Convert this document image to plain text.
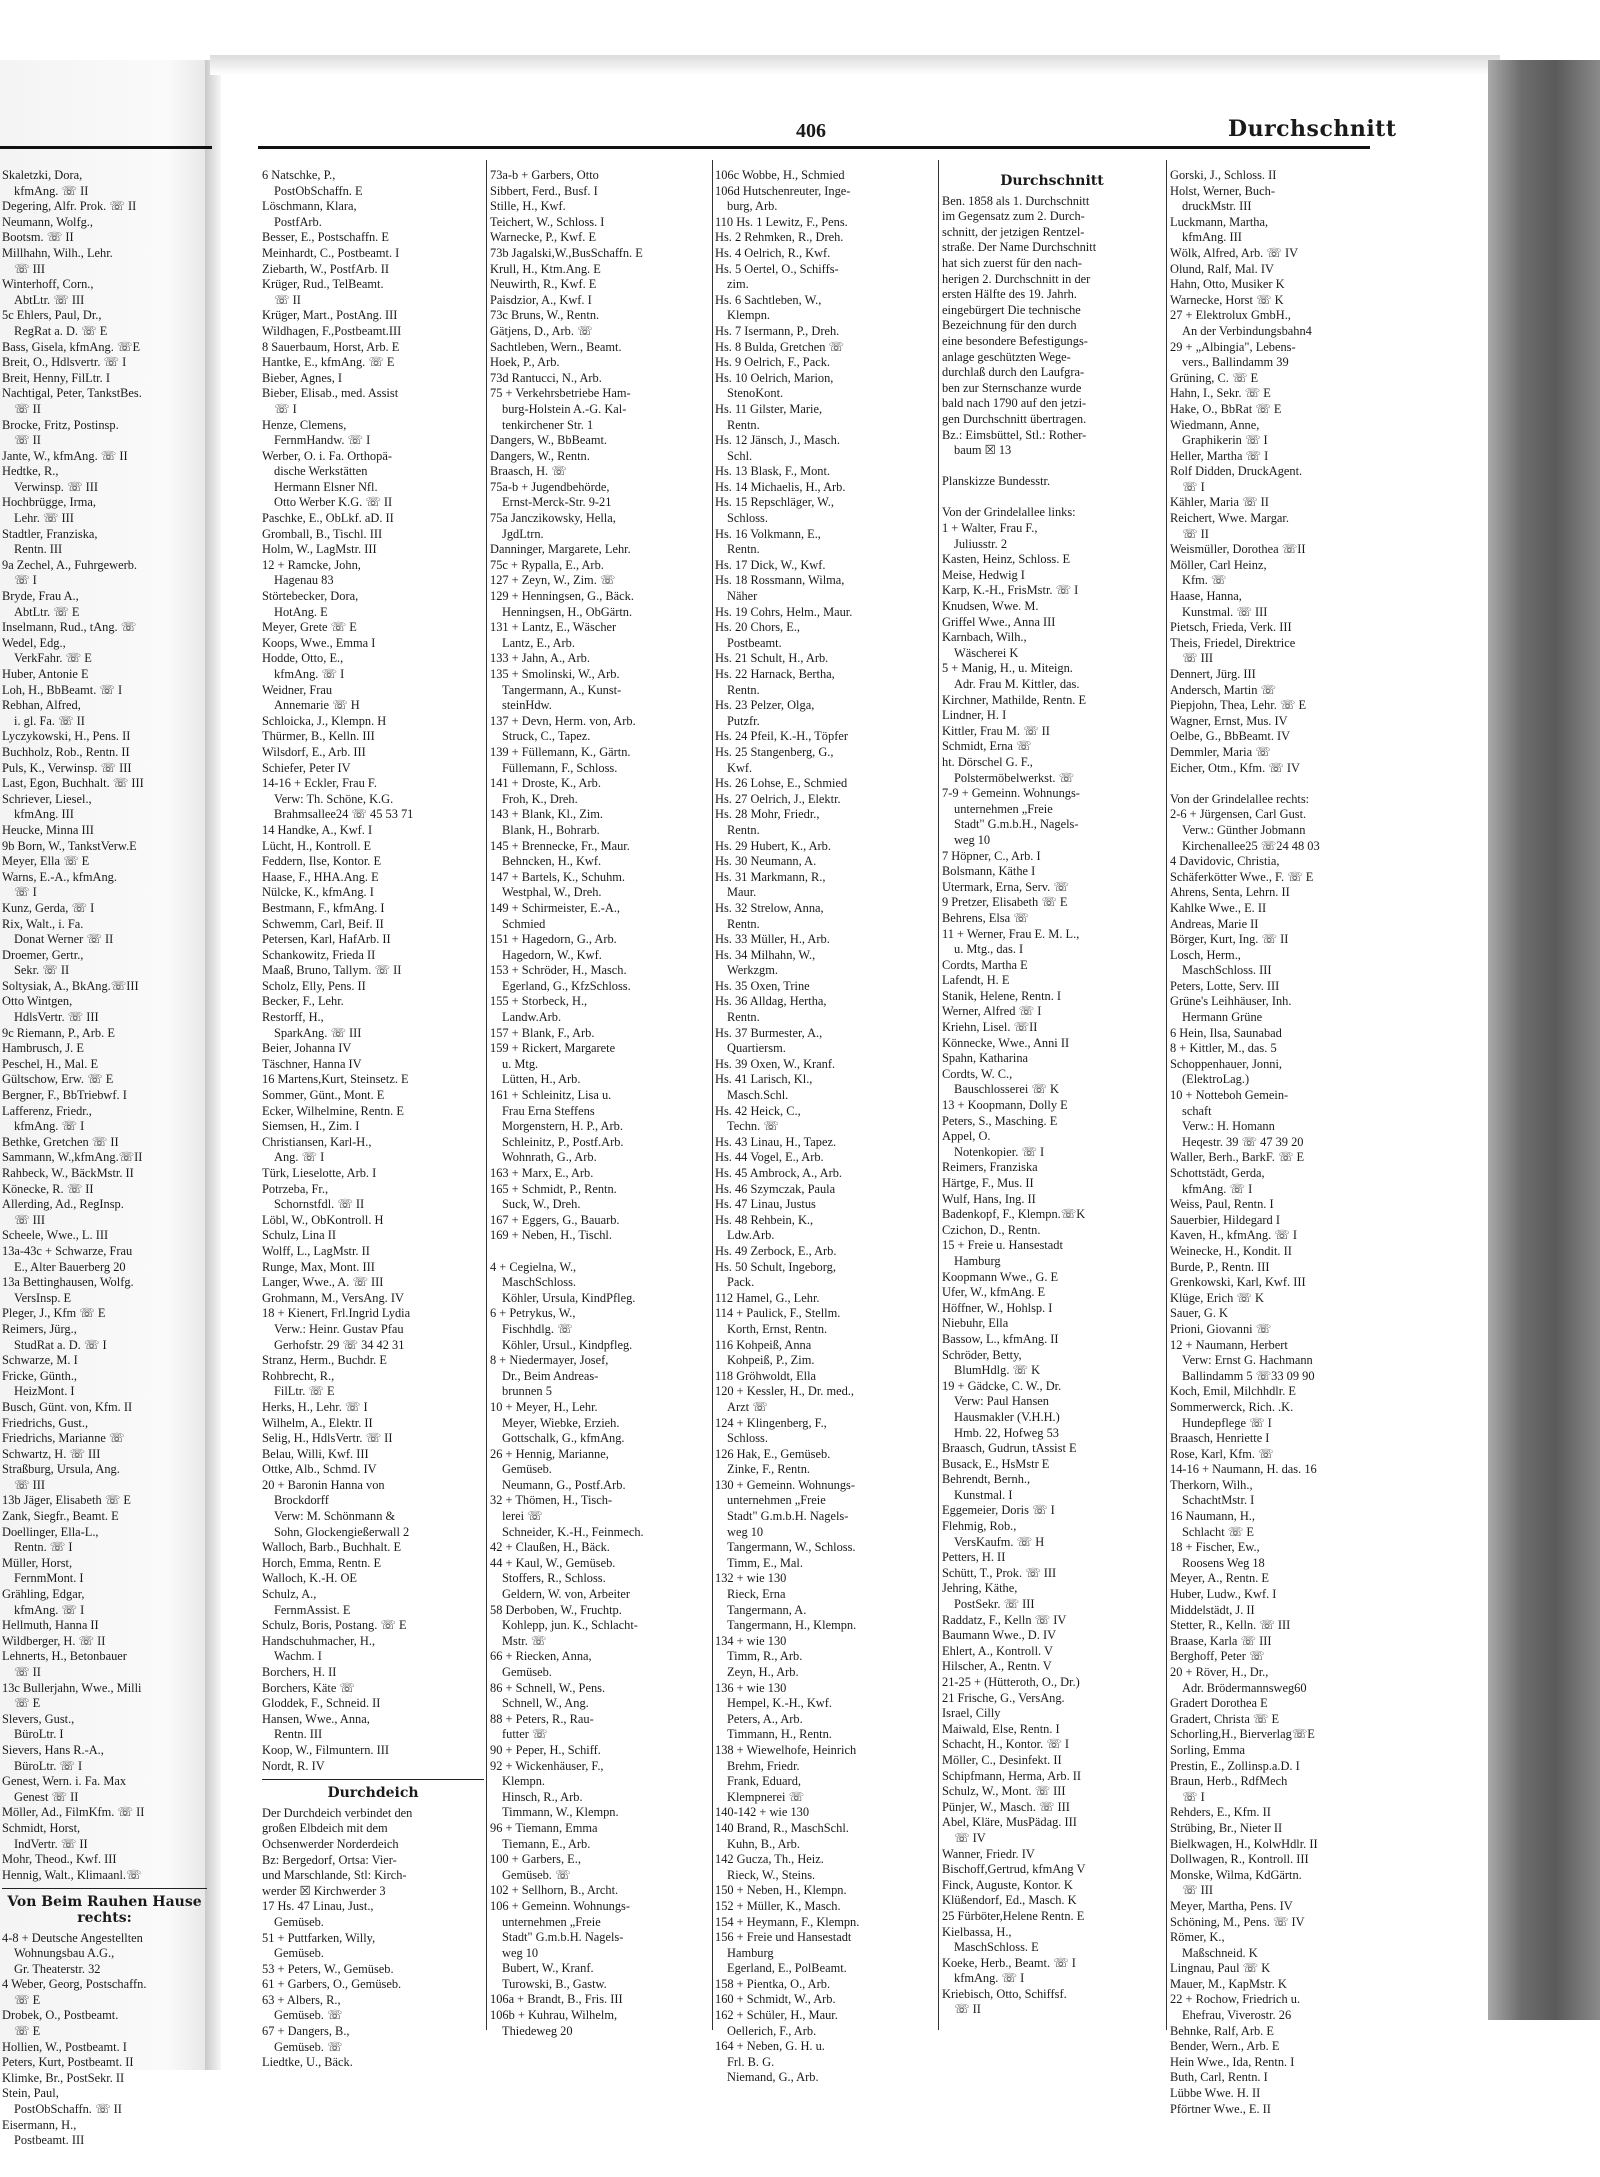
406	Durchschnitt
Skaletzki, Dora,
kfmAng. ☏ II
Degering, Alfr. Prok. ☏ II
Neumann, Wolfg.,
Bootsm. ☏ II
Millhahn, Wilh., Lehr.
☏ III
Winterhoff, Corn.,
AbtLtr. ☏ III
5c Ehlers, Paul, Dr.,
RegRat a. D. ☏ E
Bass, Gisela, kfmAng. ☏E
Breit, O., Hdlsvertr. ☏ I
Breit, Henny, FilLtr. I
Nachtigal, Peter, TankstBes.
☏ II
Brocke, Fritz, Postinsp.
☏ II
Jante, W., kfmAng. ☏ II
Hedtke, R.,
Verwinsp. ☏ III
Hochbrügge, Irma,
Lehr. ☏ III
Stadtler, Franziska,
Rentn. III
9a Zechel, A., Fuhrgewerb.
☏ I
Bryde, Frau A.,
AbtLtr. ☏ E
Inselmann, Rud., tAng. ☏
Wedel, Edg.,
VerkFahr. ☏ E
Huber, Antonie E
Loh, H., BbBeamt. ☏ I
Rebhan, Alfred,
i. gl. Fa. ☏ II
Lyczykowski, H., Pens. II
Buchholz, Rob., Rentn. II
Puls, K., Verwinsp. ☏ III
Last, Egon, Buchhalt. ☏ III
Schriever, Liesel.,
kfmAng. III
Heucke, Minna III
9b Born, W., TankstVerw.E
Meyer, Ella ☏ E
Warns, E.-A., kfmAng.
☏ I
Kunz, Gerda, ☏ I
Rix, Walt., i. Fa.
Donat Werner ☏ II
Droemer, Gertr.,
Sekr. ☏ II
Soltysiak, A., BkAng.☏III
Otto Wintgen,
HdlsVertr. ☏ III
9c Riemann, P., Arb. E
Hambrusch, J. E
Peschel, H., Mal. E
Gültschow, Erw. ☏ E
Bergner, F., BbTriebwf. I
Lafferenz, Friedr.,
kfmAng. ☏ I
Bethke, Gretchen ☏ II
Sammann, W.,kfmAng.☏II
Rahbeck, W., BäckMstr. II
Könecke, R. ☏ II
Allerding, Ad., RegInsp.
☏ III
Scheele, Wwe., L. III
13a-43c + Schwarze, Frau
E., Alter Bauerberg 20
13a Bettinghausen, Wolfg.
VersInsp. E
Pleger, J., Kfm ☏ E
Reimers, Jürg.,
StudRat a. D. ☏ I
Schwarze, M. I
Fricke, Günth.,
HeizMont. I
Busch, Günt. von, Kfm. II
Friedrichs, Gust.,
Friedrichs, Marianne ☏
Schwartz, H. ☏ III
Straßburg, Ursula, Ang.
☏ III
13b Jäger, Elisabeth ☏ E
Zank, Siegfr., Beamt. E
Doellinger, Ella-L.,
Rentn. ☏ I
Müller, Horst,
FernmMont. I
Grähling, Edgar,
kfmAng. ☏ I
Hellmuth, Hanna II
Wildberger, H. ☏ II
Lehnerts, H., Betonbauer
☏ II
13c Bullerjahn, Wwe., Milli
☏ E
Slevers, Gust.,
BüroLtr. I
Sievers, Hans R.-A.,
BüroLtr. ☏ I
Genest, Wern. i. Fa. Max
Genest ☏ II
Möller, Ad., FilmKfm. ☏ II
Schmidt, Horst,
IndVertr. ☏ II
Mohr, Theod., Kwf. III
Hennig, Walt., Klimaanl.☏
Von Beim Rauhen Hause rechts:
4-8 + Deutsche Angestellten
Wohnungsbau A.G.,
Gr. Theaterstr. 32
4 Weber, Georg, Postschaffn.
☏ E
Drobek, O., Postbeamt.
☏ E
Hollien, W., Postbeamt. I
Peters, Kurt, Postbeamt. II
Klimke, Br., PostSekr. II
Stein, Paul,
PostObSchaffn. ☏ II
Eisermann, H.,
Postbeamt. III
6 Natschke, P.,
PostObSchaffn. E
Löschmann, Klara,
PostfArb.
Besser, E., Postschaffn. E
Meinhardt, C., Postbeamt. I
Ziebarth, W., PostfArb. II
Krüger, Rud., TelBeamt.
☏ II
Krüger, Mart., PostAng. III
Wildhagen, F.,Postbeamt.III
8 Sauerbaum, Horst, Arb. E
Hantke, E., kfmAng. ☏ E
Bieber, Agnes, I
Bieber, Elisab., med. Assist
☏ I
Henze, Clemens,
FernmHandw. ☏ I
Werber, O. i. Fa. Orthopä-
dische Werkstätten
Hermann Elsner Nfl.
Otto Werber K.G. ☏ II
Paschke, E., ObLkf. aD. II
Gromball, B., Tischl. III
Holm, W., LagMstr. III
12 + Ramcke, John,
Hagenau 83
Störtebecker, Dora,
HotAng. E
Meyer, Grete ☏ E
Koops, Wwe., Emma I
Hodde, Otto, E.,
kfmAng. ☏ I
Weidner, Frau
Annemarie ☏ H
Schloicka, J., Klempn. H
Thürmer, B., Kelln. III
Wilsdorf, E., Arb. III
Schiefer, Peter IV
14-16 + Eckler, Frau F.
Verw: Th. Schöne, K.G.
Brahmsallee24 ☏ 45 53 71
14 Handke, A., Kwf. I
Lücht, H., Kontroll. E
Feddern, Ilse, Kontor. E
Haase, F., HHA.Ang. E
Nülcke, K., kfmAng. I
Bestmann, F., kfmAng. I
Schwemm, Carl, Beif. II
Petersen, Karl, HafArb. II
Schankowitz, Frieda II
Maaß, Bruno, Tallym. ☏ II
Scholz, Elly, Pens. II
Becker, F., Lehr.
Restorff, H.,
SparkAng. ☏ III
Beier, Johanna IV
Täschner, Hanna IV
16 Martens,Kurt, Steinsetz. E
Sommer, Günt., Mont. E
Ecker, Wilhelmine, Rentn. E
Siemsen, H., Zim. I
Christiansen, Karl-H.,
Ang. ☏ I
Türk, Lieselotte, Arb. I
Potrzeba, Fr.,
Schornstfdl. ☏ II
Löbl, W., ObKontroll. H
Schulz, Lina II
Wolff, L., LagMstr. II
Runge, Max, Mont. III
Langer, Wwe., A. ☏ III
Grohmann, M., VersAng. IV
18 + Kienert, Frl.Ingrid Lydia
Verw.: Heinr. Gustav Pfau
Gerhofstr. 29 ☏ 34 42 31
Stranz, Herm., Buchdr. E
Rohbrecht, R.,
FilLtr. ☏ E
Herks, H., Lehr. ☏ I
Wilhelm, A., Elektr. II
Selig, H., HdlsVertr. ☏ II
Belau, Willi, Kwf. III
Ottke, Alb., Schmd. IV
20 + Baronin Hanna von
Brockdorff
Verw: M. Schönmann &
Sohn, Glockengießerwall 2
Walloch, Barb., Buchhalt. E
Horch, Emma, Rentn. E
Walloch, K.-H. OE
Schulz, A.,
FernmAssist. E
Schulz, Boris, Postang. ☏ E
Handschuhmacher, H.,
Wachm. I
Borchers, H. II
Borchers, Käte ☏
Gloddek, F., Schneid. II
Hansen, Wwe., Anna,
Rentn. III
Koop, W., Filmuntern. III
Nordt, R. IV
Durchdeich
Der Durchdeich verbindet den
großen Elbdeich mit dem
Ochsenwerder Norderdeich
Bz: Bergedorf, Ortsa: Vier-
und Marschlande, Stl: Kirch-
werder ☒ Kirchwerder 3
17 Hs. 47 Linau, Just.,
Gemüseb.
51 + Puttfarken, Willy,
Gemüseb.
53 + Peters, W., Gemüseb.
61 + Garbers, O., Gemüseb.
63 + Albers, R.,
Gemüseb. ☏
67 + Dangers, B.,
Gemüseb. ☏
Liedtke, U., Bäck.
73a-b + Garbers, Otto
Sibbert, Ferd., Busf. I
Stille, H., Kwf.
Teichert, W., Schloss. I
Warnecke, P., Kwf. E
73b Jagalski,W.,BusSchaffn. E
Krull, H., Ktm.Ang. E
Neuwirth, R., Kwf. E
Paisdzior, A., Kwf. I
73c Bruns, W., Rentn.
Gätjens, D., Arb. ☏
Sachtleben, Wern., Beamt.
Hoek, P., Arb.
73d Rantucci, N., Arb.
75 + Verkehrsbetriebe Ham-
burg-Holstein A.-G. Kal-
tenkirchener Str. 1
Dangers, W., BbBeamt.
Dangers, W., Rentn.
Braasch, H. ☏
75a-b + Jugendbehörde,
Ernst-Merck-Str. 9-21
75a Janczikowsky, Hella,
JgdLtrn.
Danninger, Margarete, Lehr.
75c + Rypalla, E., Arb.
127 + Zeyn, W., Zim. ☏
129 + Henningsen, G., Bäck.
Henningsen, H., ObGärtn.
131 + Lantz, E., Wäscher
Lantz, E., Arb.
133 + Jahn, A., Arb.
135 + Smolinski, W., Arb.
Tangermann, A., Kunst-
steinHdw.
137 + Devn, Herm. von, Arb.
Struck, C., Tapez.
139 + Füllemann, K., Gärtn.
Füllemann, F., Schloss.
141 + Droste, K., Arb.
Froh, K., Dreh.
143 + Blank, Kl., Zim.
Blank, H., Bohrarb.
145 + Brennecke, Fr., Maur.
Behncken, H., Kwf.
147 + Bartels, K., Schuhm.
Westphal, W., Dreh.
149 + Schirmeister, E.-A.,
Schmied
151 + Hagedorn, G., Arb.
Hagedorn, W., Kwf.
153 + Schröder, H., Masch.
Egerland, G., KfzSchloss.
155 + Storbeck, H.,
Landw.Arb.
157 + Blank, F., Arb.
159 + Rickert, Margarete
u. Mtg.
Lütten, H., Arb.
161 + Schleinitz, Lisa u.
Frau Erna Steffens
Morgenstern, H. P., Arb.
Schleinitz, P., Postf.Arb.
Wohnrath, G., Arb.
163 + Marx, E., Arb.
165 + Schmidt, P., Rentn.
Suck, W., Dreh.
167 + Eggers, G., Bauarb.
169 + Neben, H., Tischl.
4 + Cegielna, W.,
MaschSchloss.
Köhler, Ursula, KindPfleg.
6 + Petrykus, W.,
Fischhdlg. ☏
Köhler, Ursul., Kindpfleg.
8 + Niedermayer, Josef,
Dr., Beim Andreas-
brunnen 5
10 + Meyer, H., Lehr.
Meyer, Wiebke, Erzieh.
Gottschalk, G., kfmAng.
26 + Hennig, Marianne,
Gemüseb.
Neumann, G., Postf.Arb.
32 + Thömen, H., Tisch-
lerei ☏
Schneider, K.-H., Feinmech.
42 + Claußen, H., Bäck.
44 + Kaul, W., Gemüseb.
Stoffers, R., Schloss.
Geldern, W. von, Arbeiter
58 Derboben, W., Fruchtp.
Kohlepp, jun. K., Schlacht-
Mstr. ☏
66 + Riecken, Anna,
Gemüseb.
86 + Schnell, W., Pens.
Schnell, W., Ang.
88 + Peters, R., Rau-
futter ☏
90 + Peper, H., Schiff.
92 + Wickenhäuser, F.,
Klempn.
Hinsch, R., Arb.
Timmann, W., Klempn.
96 + Tiemann, Emma
Tiemann, E., Arb.
100 + Garbers, E.,
Gemüseb. ☏
102 + Sellhorn, B., Archt.
106 + Gemeinn. Wohnungs-
unternehmen „Freie
Stadt" G.m.b.H. Nagels-
weg 10
Bubert, W., Kranf.
Turowski, B., Gastw.
106a + Brandt, B., Fris. III
106b + Kuhrau, Wilhelm,
Thiedeweg 20
106c Wobbe, H., Schmied
106d Hutschenreuter, Inge-
burg, Arb.
110 Hs. 1 Lewitz, F., Pens.
Hs. 2 Rehmken, R., Dreh.
Hs. 4 Oelrich, R., Kwf.
Hs. 5 Oertel, O., Schiffs-
zim.
Hs. 6 Sachtleben, W.,
Klempn.
Hs. 7 Isermann, P., Dreh.
Hs. 8 Bulda, Gretchen ☏
Hs. 9 Oelrich, F., Pack.
Hs. 10 Oelrich, Marion,
StenoKont.
Hs. 11 Gilster, Marie,
Rentn.
Hs. 12 Jänsch, J., Masch.
Schl.
Hs. 13 Blask, F., Mont.
Hs. 14 Michaelis, H., Arb.
Hs. 15 Repschläger, W.,
Schloss.
Hs. 16 Volkmann, E.,
Rentn.
Hs. 17 Dick, W., Kwf.
Hs. 18 Rossmann, Wilma,
Näher
Hs. 19 Cohrs, Helm., Maur.
Hs. 20 Chors, E.,
Postbeamt.
Hs. 21 Schult, H., Arb.
Hs. 22 Harnack, Bertha,
Rentn.
Hs. 23 Pelzer, Olga,
Putzfr.
Hs. 24 Pfeil, K.-H., Töpfer
Hs. 25 Stangenberg, G.,
Kwf.
Hs. 26 Lohse, E., Schmied
Hs. 27 Oelrich, J., Elektr.
Hs. 28 Mohr, Friedr.,
Rentn.
Hs. 29 Hubert, K., Arb.
Hs. 30 Neumann, A.
Hs. 31 Markmann, R.,
Maur.
Hs. 32 Strelow, Anna,
Rentn.
Hs. 33 Müller, H., Arb.
Hs. 34 Milhahn, W.,
Werkzgm.
Hs. 35 Oxen, Trine
Hs. 36 Alldag, Hertha,
Rentn.
Hs. 37 Burmester, A.,
Quartiersm.
Hs. 39 Oxen, W., Kranf.
Hs. 41 Larisch, Kl.,
Masch.Schl.
Hs. 42 Heick, C.,
Techn. ☏
Hs. 43 Linau, H., Tapez.
Hs. 44 Vogel, E., Arb.
Hs. 45 Ambrock, A., Arb.
Hs. 46 Szymczak, Paula
Hs. 47 Linau, Justus
Hs. 48 Rehbein, K.,
Ldw.Arb.
Hs. 49 Zerbock, E., Arb.
Hs. 50 Schult, Ingeborg,
Pack.
112 Hamel, G., Lehr.
114 + Paulick, F., Stellm.
Korth, Ernst, Rentn.
116 Kohpeiß, Anna
Kohpeiß, P., Zim.
118 Gröhwoldt, Ella
120 + Kessler, H., Dr. med.,
Arzt ☏
124 + Klingenberg, F.,
Schloss.
126 Hak, E., Gemüseb.
Zinke, F., Rentn.
130 + Gemeinn. Wohnungs-
unternehmen „Freie
Stadt" G.m.b.H. Nagels-
weg 10
Tangermann, W., Schloss.
Timm, E., Mal.
132 + wie 130
Rieck, Erna
Tangermann, A.
Tangermann, H., Klempn.
134 + wie 130
Timm, R., Arb.
Zeyn, H., Arb.
136 + wie 130
Hempel, K.-H., Kwf.
Peters, A., Arb.
Timmann, H., Rentn.
138 + Wiewelhofe, Heinrich
Brehm, Friedr.
Frank, Eduard,
Klempnerei ☏
140-142 + wie 130
140 Brand, R., MaschSchl.
Kuhn, B., Arb.
142 Gucza, Th., Heiz.
Rieck, W., Steins.
150 + Neben, H., Klempn.
152 + Müller, K., Masch.
154 + Heymann, F., Klempn.
156 + Freie und Hansestadt
Hamburg
Egerland, E., PolBeamt.
158 + Pientka, O., Arb.
160 + Schmidt, W., Arb.
162 + Schüler, H., Maur.
Oellerich, F., Arb.
164 + Neben, G. H. u.
Frl. B. G.
Niemand, G., Arb.
Durchschnitt
Ben. 1858 als 1. Durchschnitt
im Gegensatz zum 2. Durch-
schnitt, der jetzigen Rentzel-
straße. Der Name Durchschnitt
hat sich zuerst für den nach-
herigen 2. Durchschnitt in der
ersten Hälfte des 19. Jahrh.
eingebürgert Die technische
Bezeichnung für den durch
eine besondere Befestigungs-
anlage geschützten Wege-
durchlaß durch den Laufgra-
ben zur Sternschanze wurde
bald nach 1790 auf den jetzi-
gen Durchschnitt übertragen.
Bz.: Eimsbüttel, Stl.: Rother-
baum ☒ 13
Planskizze Bundesstr.
Von der Grindelallee links:
1 + Walter, Frau F.,
Juliusstr. 2
Kasten, Heinz, Schloss. E
Meise, Hedwig I
Karp, K.-H., FrisMstr. ☏ I
Knudsen, Wwe. M.
Griffel Wwe., Anna III
Karnbach, Wilh.,
Wäscherei K
5 + Manig, H., u. Miteign.
Adr. Frau M. Kittler, das.
Kirchner, Mathilde, Rentn. E
Lindner, H. I
Kittler, Frau M. ☏ II
Schmidt, Erna ☏
ht. Dörschel G. F.,
Polstermöbelwerkst. ☏
7-9 + Gemeinn. Wohnungs-
unternehmen „Freie
Stadt" G.m.b.H., Nagels-
weg 10
7 Höpner, C., Arb. I
Bolsmann, Käthe I
Utermark, Erna, Serv. ☏
9 Pretzer, Elisabeth ☏ E
Behrens, Elsa ☏
11 + Werner, Frau E. M. L.,
u. Mtg., das. I
Cordts, Martha E
Lafendt, H. E
Stanik, Helene, Rentn. I
Werner, Alfred ☏ I
Kriehn, Lisel. ☏II
Könnecke, Wwe., Anni II
Spahn, Katharina
Cordts, W. C.,
Bauschlosserei ☏ K
13 + Koopmann, Dolly E
Peters, S., Masching. E
Appel, O.
Notenkopier. ☏ I
Reimers, Franziska
Härtge, F., Mus. II
Wulf, Hans, Ing. II
Badenkopf, F., Klempn.☏K
Czichon, D., Rentn.
15 + Freie u. Hansestadt
Hamburg
Koopmann Wwe., G. E
Ufer, W., kfmAng. E
Höffner, W., Hohlsp. I
Niebuhr, Ella
Bassow, L., kfmAng. II
Schröder, Betty,
BlumHdlg. ☏ K
19 + Gädcke, C. W., Dr.
Verw: Paul Hansen
Hausmakler (V.H.H.)
Hmb. 22, Hofweg 53
Braasch, Gudrun, tAssist E
Busack, E., HsMstr E
Behrendt, Bernh.,
Kunstmal. I
Eggemeier, Doris ☏ I
Flehmig, Rob.,
VersKaufm. ☏ H
Petters, H. II
Schütt, T., Prok. ☏ III
Jehring, Käthe,
PostSekr. ☏ III
Raddatz, F., Kelln ☏ IV
Baumann Wwe., D. IV
Ehlert, A., Kontroll. V
Hilscher, A., Rentn. V
21-25 + (Hütteroth, O., Dr.)
21 Frische, G., VersAng.
Israel, Cilly
Maiwald, Else, Rentn. I
Schacht, H., Kontor. ☏ I
Möller, C., Desinfekt. II
Schipfmann, Herma, Arb. II
Schulz, W., Mont. ☏ III
Pünjer, W., Masch. ☏ III
Abel, Kläre, MusPädag. III
☏ IV
Wanner, Friedr. IV
Bischoff,Gertrud, kfmAng V
Finck, Auguste, Kontor. K
Klüßendorf, Ed., Masch. K
25 Fürböter,Helene Rentn. E
Kielbassa, H.,
MaschSchloss. E
Koeke, Herb., Beamt. ☏ I
kfmAng. ☏ I
Kriebisch, Otto, Schiffsf.
☏ II
Gorski, J., Schloss. II
Holst, Werner, Buch-
druckMstr. III
Luckmann, Martha,
kfmAng. III
Wölk, Alfred, Arb. ☏ IV
Olund, Ralf, Mal. IV
Hahn, Otto, Musiker K
Warnecke, Horst ☏ K
27 + Elektrolux GmbH.,
An der Verbindungsbahn4
29 + „Albingia", Lebens-
vers., Ballindamm 39
Grüning, C. ☏ E
Hahn, I., Sekr. ☏ E
Hake, O., BbRat ☏ E
Wiedmann, Anne,
Graphikerin ☏ I
Heller, Martha ☏ I
Rolf Didden, DruckAgent.
☏ I
Kähler, Maria ☏ II
Reichert, Wwe. Margar.
☏ II
Weismüller, Dorothea ☏II
Möller, Carl Heinz,
Kfm. ☏
Haase, Hanna,
Kunstmal. ☏ III
Pietsch, Frieda, Verk. III
Theis, Friedel, Direktrice
☏ III
Dennert, Jürg. III
Andersch, Martin ☏
Piepjohn, Thea, Lehr. ☏ E
Wagner, Ernst, Mus. IV
Oelbe, G., BbBeamt. IV
Demmler, Maria ☏
Eicher, Otm., Kfm. ☏ IV
Von der Grindelallee rechts:
2-6 + Jürgensen, Carl Gust.
Verw.: Günther Jobmann
Kirchenallee25 ☏24 48 03
4 Davidovic, Christia,
Schäferkötter Wwe., F. ☏ E
Ahrens, Senta, Lehrn. II
Kahlke Wwe., E. II
Andreas, Marie II
Börger, Kurt, Ing. ☏ II
Losch, Herm.,
MaschSchloss. III
Peters, Lotte, Serv. III
Grüne's Leihhäuser, Inh.
Hermann Grüne
6 Hein, Ilsa, Saunabad
8 + Kittler, M., das. 5
Schoppenhauer, Jonni,
(ElektroLag.)
10 + Notteboh Gemein-
schaft
Verw.: H. Homann
Heqestr. 39 ☏ 47 39 20
Waller, Berh., BarkF. ☏ E
Schottstädt, Gerda,
kfmAng. ☏ I
Weiss, Paul, Rentn. I
Sauerbier, Hildegard I
Kaven, H., kfmAng. ☏ I
Weinecke, H., Kondit. II
Burde, P., Rentn. III
Grenkowski, Karl, Kwf. III
Klüge, Erich ☏ K
Sauer, G. K
Prioni, Giovanni ☏
12 + Naumann, Herbert
Verw: Ernst G. Hachmann
Ballindamm 5 ☏33 09 90
Koch, Emil, Milchhdlr. E
Sommerwerck, Rich. .K.
Hundepflege ☏ I
Braasch, Henriette I
Rose, Karl, Kfm. ☏
14-16 + Naumann, H. das. 16
Therkorn, Wilh.,
SchachtMstr. I
16 Naumann, H.,
Schlacht ☏ E
18 + Fischer, Ew.,
Roosens Weg 18
Meyer, A., Rentn. E
Huber, Ludw., Kwf. I
Middelstädt, J. II
Stetter, R., Kelln. ☏ III
Braase, Karla ☏ III
Berghoff, Peter ☏
20 + Röver, H., Dr.,
Adr. Brödermannsweg60
Gradert Dorothea E
Gradert, Christa ☏ E
Schorling,H., Bierverlag☏E
Sorling, Emma
Prestin, E., Zollinsp.a.D. I
Braun, Herb., RdfMech
☏ I
Rehders, E., Kfm. II
Strübing, Br., Nieter II
Bielkwagen, H., KolwHdlr. II
Dollwagen, R., Kontroll. III
Monske, Wilma, KdGärtn.
☏ III
Meyer, Martha, Pens. IV
Schöning, M., Pens. ☏ IV
Römer, K.,
Maßschneid. K
Lingnau, Paul ☏ K
Mauer, M., KapMstr. K
22 + Rochow, Friedrich u.
Ehefrau, Viverostr. 26
Behnke, Ralf, Arb. E
Bender, Wern., Arb. E
Hein Wwe., Ida, Rentn. I
Buth, Carl, Rentn. I
Lübbe Wwe. H. II
Pförtner Wwe., E. II
